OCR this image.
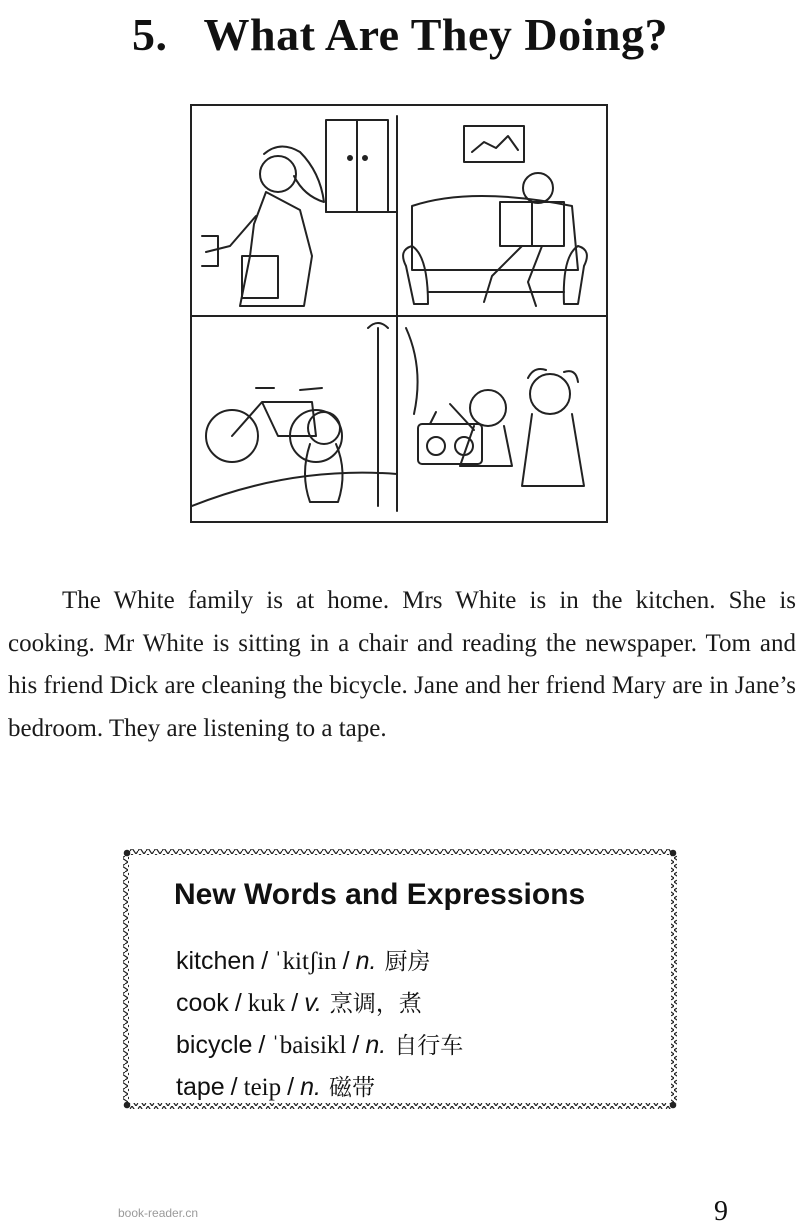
5. What Are They Doing?
The White family is at home. Mrs White is in the kitchen. She is cooking. Mr White is sitting in a chair and reading the newspaper. Tom and his friend Dick are cleaning the bicycle. Jane and her friend Mary are in Jane’s bedroom. They are listening to a tape.
New Words and Expressions
kitchen / ˈkitʃin / n. 厨房
cook / kuk / v. 烹调，煮
bicycle / ˈbaisikl / n. 自行车
tape / teip / n. 磁带
book-reader.cn	9
